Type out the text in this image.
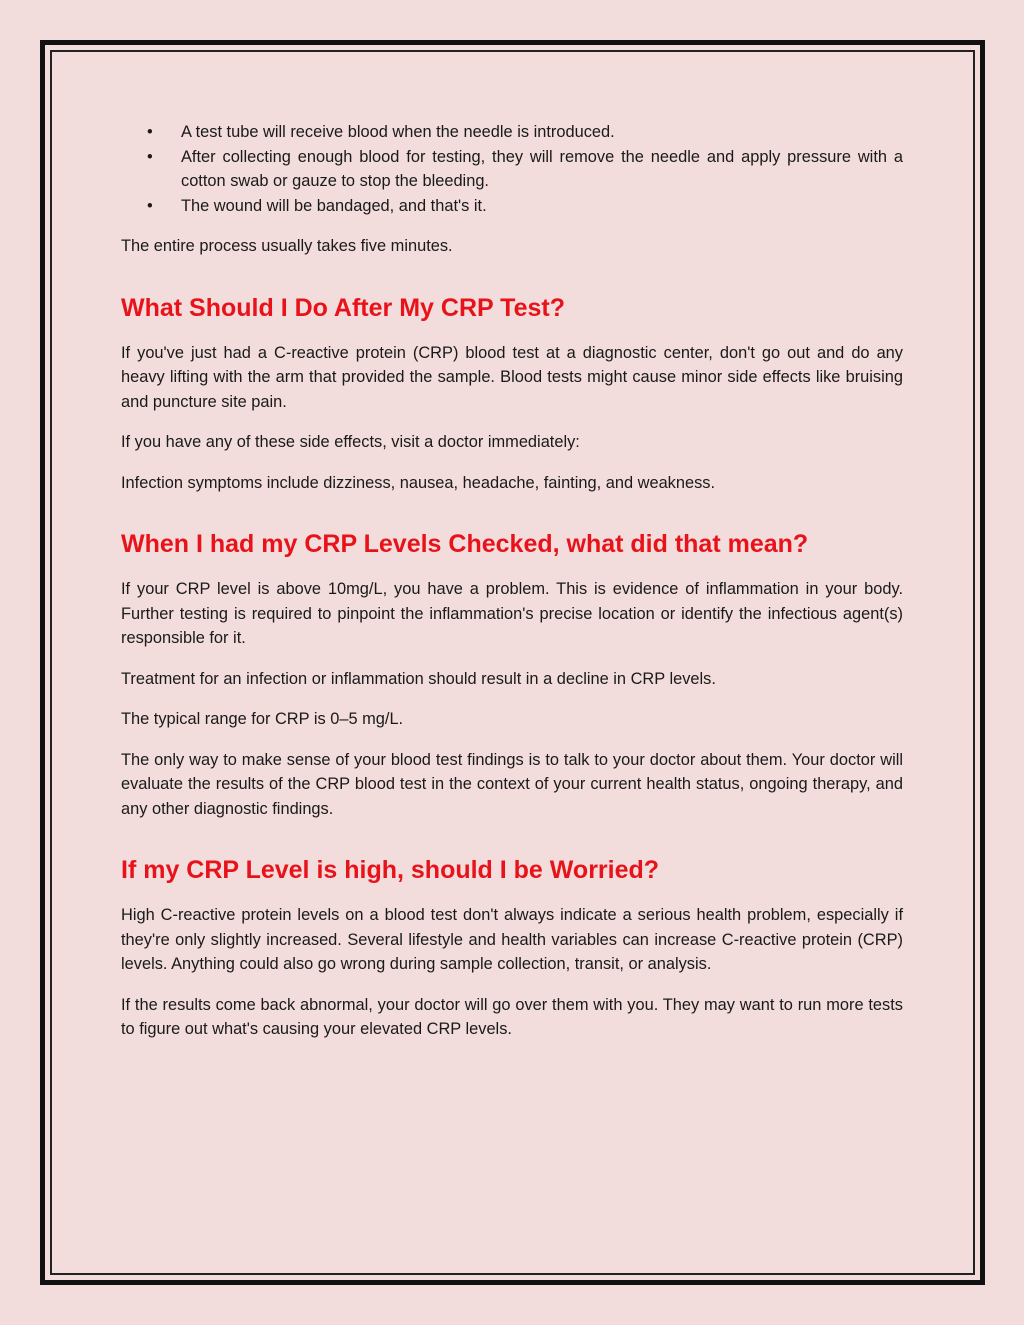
• A test tube will receive blood when the needle is introduced.
• After collecting enough blood for testing, they will remove the needle and apply pressure with a cotton swab or gauze to stop the bleeding.
• The wound will be bandaged, and that's it.

The entire process usually takes five minutes.

What Should I Do After My CRP Test?

If you've just had a C-reactive protein (CRP) blood test at a diagnostic center, don't go out and do any heavy lifting with the arm that provided the sample. Blood tests might cause minor side effects like bruising and puncture site pain.

If you have any of these side effects, visit a doctor immediately:

Infection symptoms include dizziness, nausea, headache, fainting, and weakness.

When I had my CRP Levels Checked, what did that mean?

If your CRP level is above 10mg/L, you have a problem. This is evidence of inflammation in your body. Further testing is required to pinpoint the inflammation's precise location or identify the infectious agent(s) responsible for it.

Treatment for an infection or inflammation should result in a decline in CRP levels.

The typical range for CRP is 0–5 mg/L.

The only way to make sense of your blood test findings is to talk to your doctor about them. Your doctor will evaluate the results of the CRP blood test in the context of your current health status, ongoing therapy, and any other diagnostic findings.

If my CRP Level is high, should I be Worried?

High C-reactive protein levels on a blood test don't always indicate a serious health problem, especially if they're only slightly increased. Several lifestyle and health variables can increase C-reactive protein (CRP) levels. Anything could also go wrong during sample collection, transit, or analysis.

If the results come back abnormal, your doctor will go over them with you. They may want to run more tests to figure out what's causing your elevated CRP levels.
